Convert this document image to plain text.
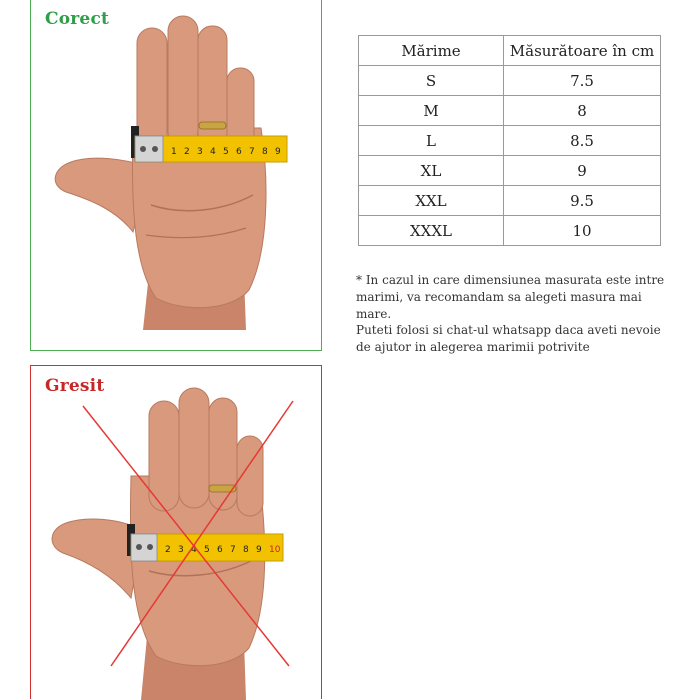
Corect
1 2 3 4 5 6 7 8 9
Gresit
2 3 4 5 6 7 8 9 10
Mărime	Măsurătoare în cm
S	7.5
M	8
L	8.5
XL	9
XXL	9.5
XXXL	10
* In cazul in care dimensiunea masurata este intre marimi, va recomandam sa alegeti masura mai mare.
Puteti folosi si chat-ul whatsapp daca aveti nevoie de ajutor in alegerea marimii potrivite
